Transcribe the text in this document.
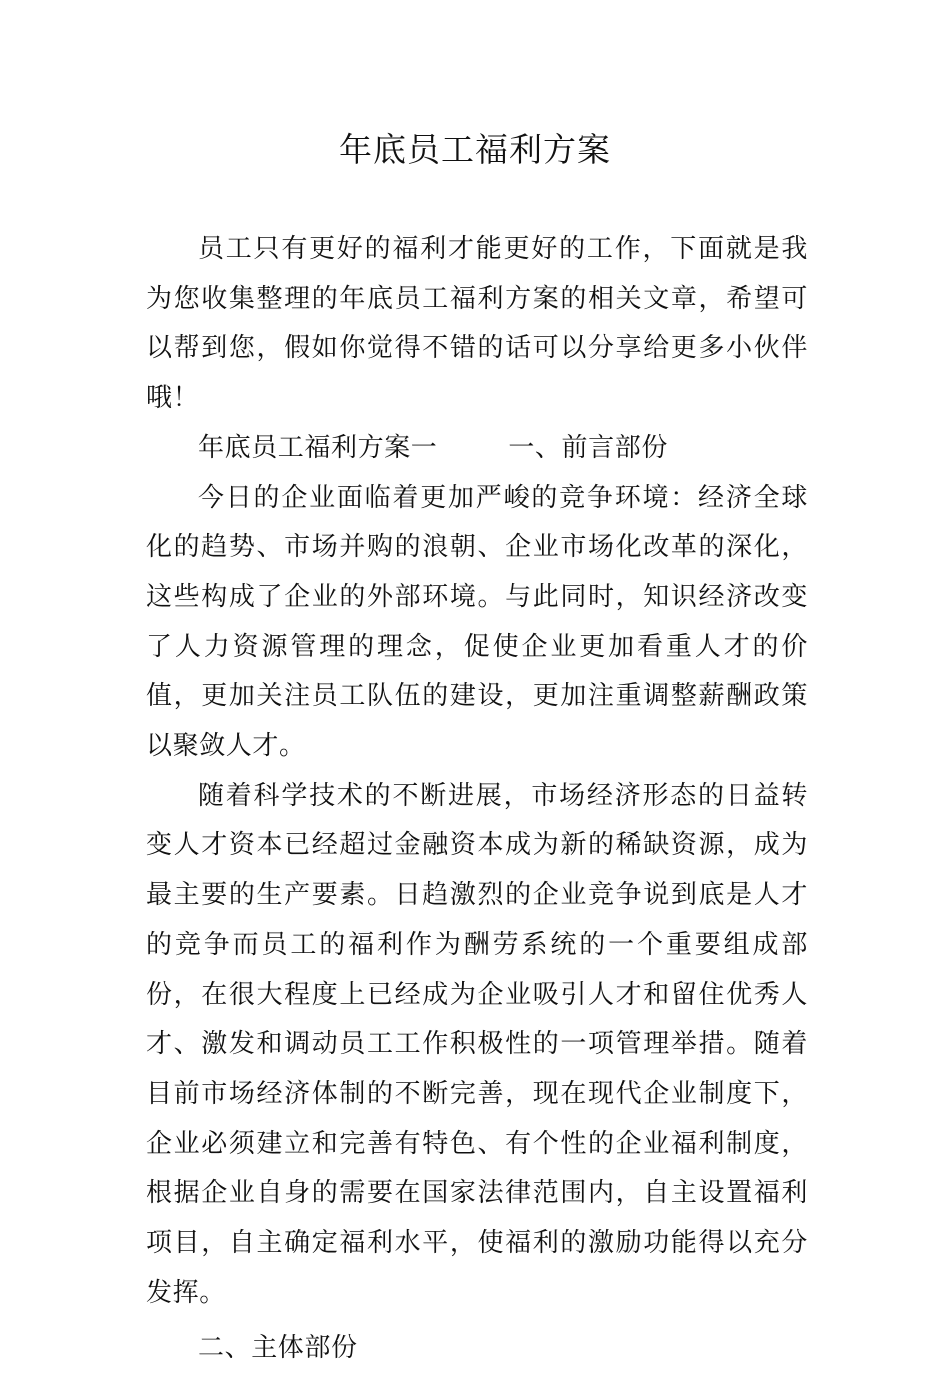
年底员工福利方案

员工只有更好的福利才能更好的工作，下面就是我为您收集整理的年底员工福利方案的相关文章，希望可以帮到您，假如你觉得不错的话可以分享给更多小伙伴哦！

年底员工福利方案一	一、前言部份

今日的企业面临着更加严峻的竞争环境：经济全球化的趋势、市场并购的浪朝、企业市场化改革的深化，这些构成了企业的外部环境。与此同时，知识经济改变了人力资源管理的理念，促使企业更加看重人才的价值，更加关注员工队伍的建设，更加注重调整薪酬政策以聚敛人才。

随着科学技术的不断进展，市场经济形态的日益转变人才资本已经超过金融资本成为新的稀缺资源，成为最主要的生产要素。日趋激烈的企业竞争说到底是人才的竞争而员工的福利作为酬劳系统的一个重要组成部份，在很大程度上已经成为企业吸引人才和留住优秀人才、激发和调动员工工作积极性的一项管理举措。随着目前市场经济体制的不断完善，现在现代企业制度下，企业必须建立和完善有特色、有个性的企业福利制度，根据企业自身的需要在国家法律范围内，自主设置福利项目，自主确定福利水平，使福利的激励功能得以充分发挥。

二、主体部份
